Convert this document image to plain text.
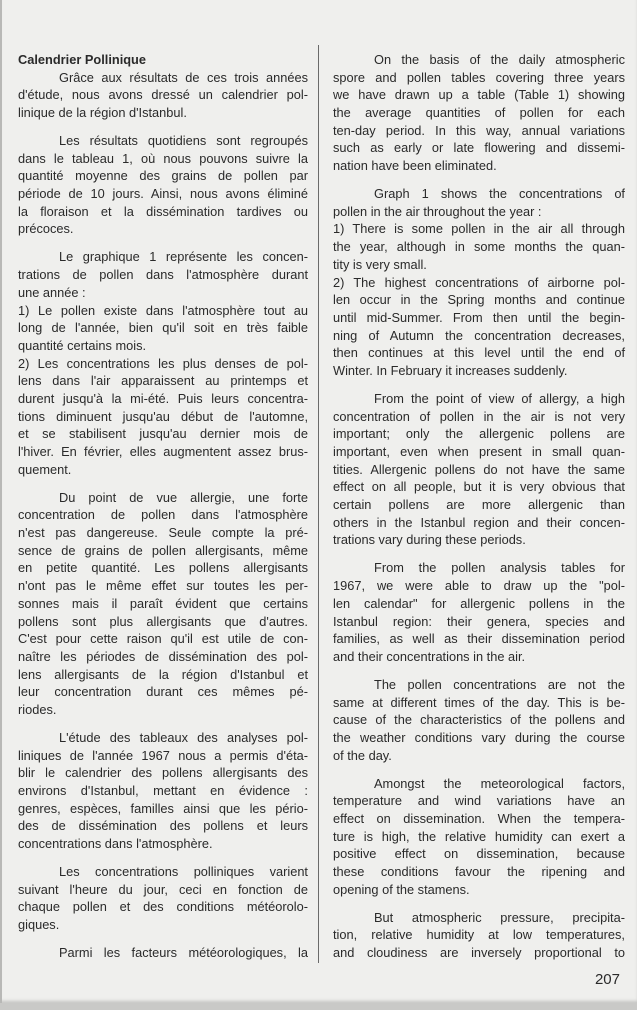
Calendrier Pollinique
Grâce aux résultats de ces trois années
d'étude, nous avons dressé un calendrier pol-
linique de la région d'Istanbul.
Les résultats quotidiens sont regroupés
dans le tableau 1, où nous pouvons suivre la
quantité moyenne des grains de pollen par
période de 10 jours. Ainsi, nous avons éliminé
la floraison et la dissémination tardives ou
précoces.
Le graphique 1 représente les concen-
trations de pollen dans l'atmosphère durant
une année :
1) Le pollen existe dans l'atmosphère tout au
long de l'année, bien qu'il soit en très faible
quantité certains mois.
2) Les concentrations les plus denses de pol-
lens dans l'air apparaissent au printemps et
durent jusqu'à la mi-été. Puis leurs concentra-
tions diminuent jusqu'au début de l'automne,
et se stabilisent jusqu'au dernier mois de
l'hiver. En février, elles augmentent assez brus-
quement.
Du point de vue allergie, une forte
concentration de pollen dans l'atmosphère
n'est pas dangereuse. Seule compte la pré-
sence de grains de pollen allergisants, même
en petite quantité. Les pollens allergisants
n'ont pas le même effet sur toutes les per-
sonnes mais il paraît évident que certains
pollens sont plus allergisants que d'autres.
C'est pour cette raison qu'il est utile de con-
naître les périodes de dissémination des pol-
lens allergisants de la région d'Istanbul et
leur concentration durant ces mêmes pé-
riodes.
L'étude des tableaux des analyses pol-
liniques de l'année 1967 nous a permis d'éta-
blir le calendrier des pollens allergisants des
environs d'Istanbul, mettant en évidence :
genres, espèces, familles ainsi que les pério-
des de dissémination des pollens et leurs
concentrations dans l'atmosphère.
Les concentrations polliniques varient
suivant l'heure du jour, ceci en fonction de
chaque pollen et des conditions météorolo-
giques.
Parmi les facteurs météorologiques, la
On the basis of the daily atmospheric
spore and pollen tables covering three years
we have drawn up a table (Table 1) showing
the average quantities of pollen for each
ten-day period. In this way, annual variations
such as early or late flowering and dissemi-
nation have been eliminated.
Graph 1 shows the concentrations of
pollen in the air throughout the year :
1) There is some pollen in the air all through
the year, although in some months the quan-
tity is very small.
2) The highest concentrations of airborne pol-
len occur in the Spring months and continue
until mid-Summer. From then until the begin-
ning of Autumn the concentration decreases,
then continues at this level until the end of
Winter. In February it increases suddenly.
From the point of view of allergy, a high
concentration of pollen in the air is not very
important; only the allergenic pollens are
important, even when present in small quan-
tities. Allergenic pollens do not have the same
effect on all people, but it is very obvious that
certain pollens are more allergenic than
others in the Istanbul region and their concen-
trations vary during these periods.
From the pollen analysis tables for
1967, we were able to draw up the "pol-
len calendar" for allergenic pollens in the
Istanbul region: their genera, species and
families, as well as their dissemination period
and their concentrations in the air.
The pollen concentrations are not the
same at different times of the day. This is be-
cause of the characteristics of the pollens and
the weather conditions vary during the course
of the day.
Amongst the meteorological factors,
temperature and wind variations have an
effect on dissemination. When the tempera-
ture is high, the relative humidity can exert a
positive effect on dissemination, because
these conditions favour the ripening and
opening of the stamens.
But atmospheric pressure, precipita-
tion, relative humidity at low temperatures,
and cloudiness are inversely proportional to
207
